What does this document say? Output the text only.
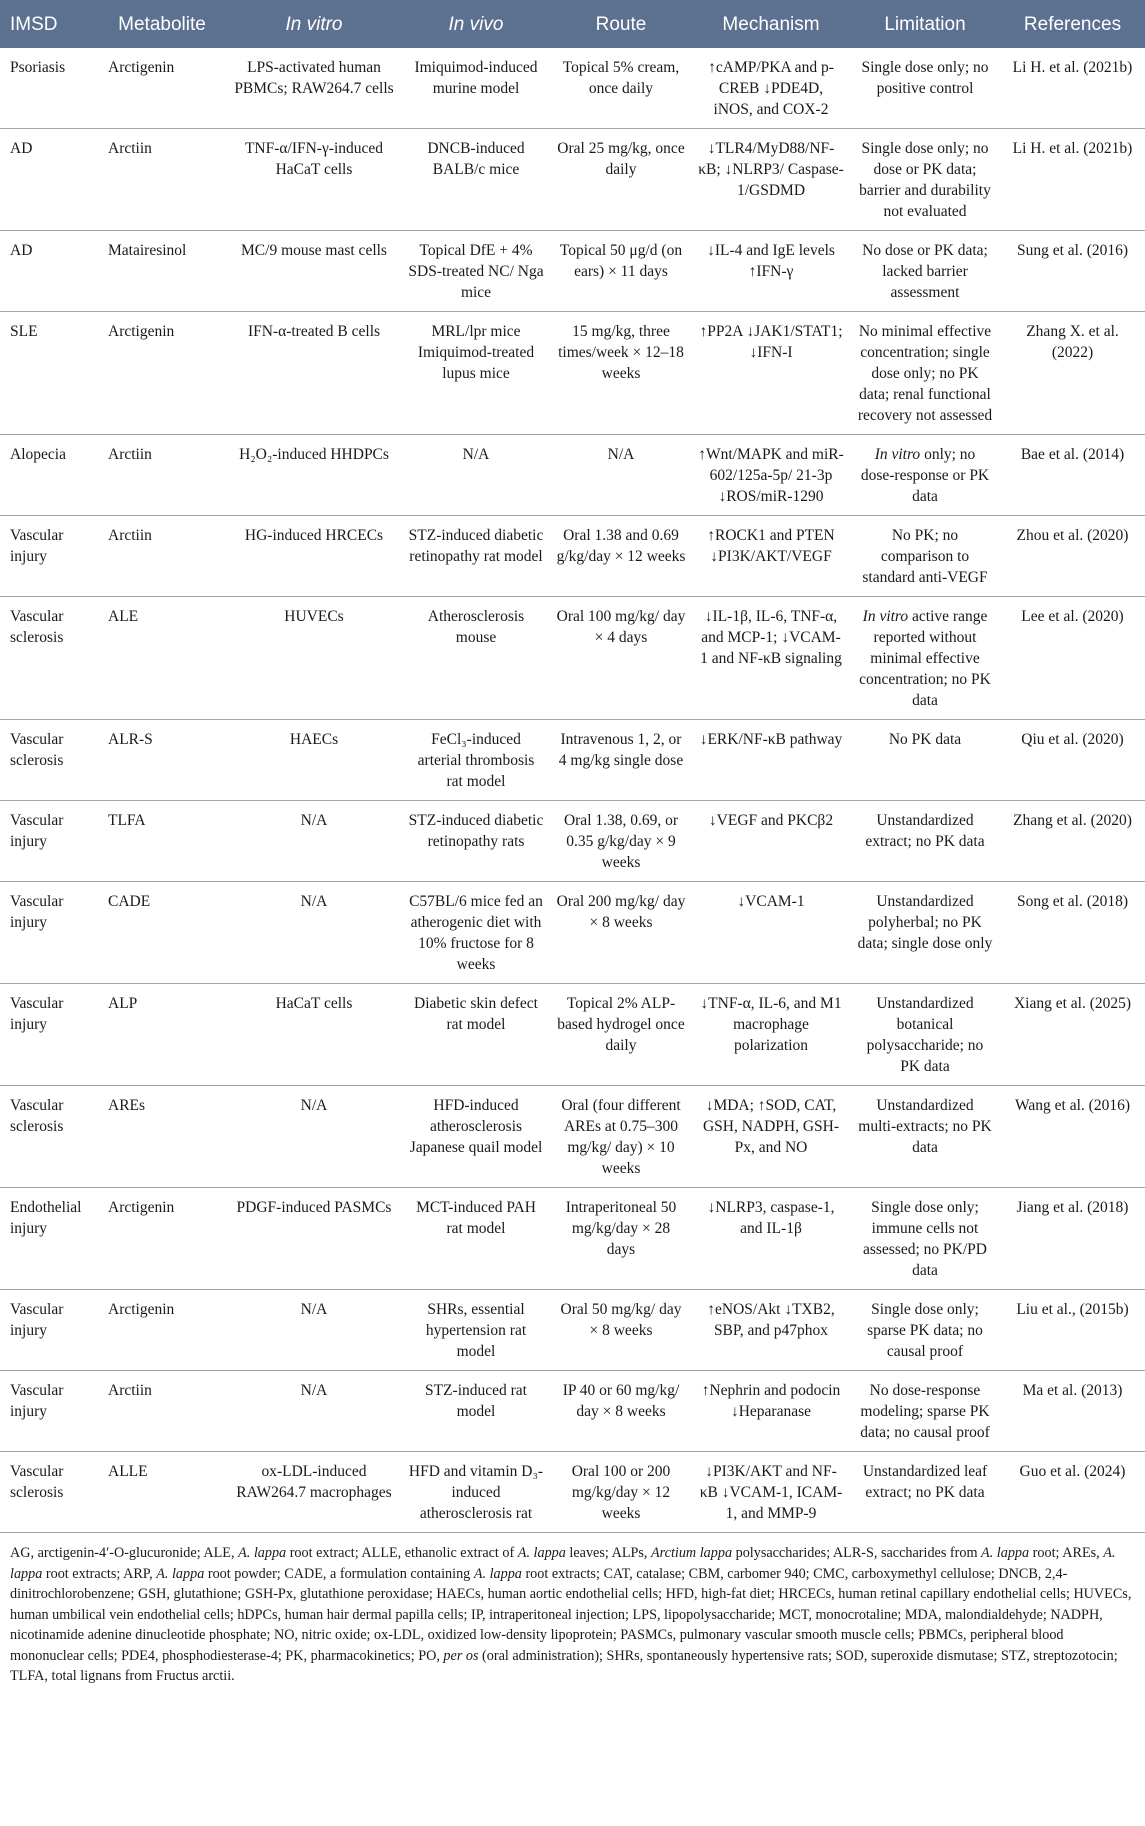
IMSD	Metabolite	In vitro	In vivo	Route	Mechanism	Limitation	References
Psoriasis	Arctigenin	LPS-activated human PBMCs; RAW264.7 cells	Imiquimod-induced murine model	Topical 5% cream, once daily	↑cAMP/PKA and p-CREB ↓PDE4D, iNOS, and COX-2	Single dose only; no positive control	Li H. et al. (2021b)
AD	Arctiin	TNF-α/IFN-γ-induced HaCaT cells	DNCB-induced BALB/c mice	Oral 25 mg/kg, once daily	↓TLR4/MyD88/NF-κB; ↓NLRP3/ Caspase-1/GSDMD	Single dose only; no dose or PK data; barrier and durability not evaluated	Li H. et al. (2021b)
AD	Matairesinol	MC/9 mouse mast cells	Topical DfE + 4% SDS-treated NC/ Nga mice	Topical 50 μg/d (on ears) × 11 days	↓IL-4 and IgE levels ↑IFN-γ	No dose or PK data; lacked barrier assessment	Sung et al. (2016)
SLE	Arctigenin	IFN-α-treated B cells	MRL/lpr mice Imiquimod-treated lupus mice	15 mg/kg, three times/week × 12–18 weeks	↑PP2A ↓JAK1/STAT1; ↓IFN-I	No minimal effective concentration; single dose only; no PK data; renal functional recovery not assessed	Zhang X. et al. (2022)
Alopecia	Arctiin	H₂O₂-induced HHDPCs	N/A	N/A	↑Wnt/MAPK and miR-602/125a-5p/ 21-3p ↓ROS/miR-1290	In vitro only; no dose-response or PK data	Bae et al. (2014)
Vascular injury	Arctiin	HG-induced HRCECs	STZ-induced diabetic retinopathy rat model	Oral 1.38 and 0.69 g/kg/day × 12 weeks	↑ROCK1 and PTEN ↓PI3K/AKT/VEGF	No PK; no comparison to standard anti-VEGF	Zhou et al. (2020)
Vascular sclerosis	ALE	HUVECs	Atherosclerosis mouse	Oral 100 mg/kg/ day × 4 days	↓IL-1β, IL-6, TNF-α, and MCP-1; ↓VCAM-1 and NF-κB signaling	In vitro active range reported without minimal effective concentration; no PK data	Lee et al. (2020)
Vascular sclerosis	ALR-S	HAECs	FeCl₃-induced arterial thrombosis rat model	Intravenous 1, 2, or 4 mg/kg single dose	↓ERK/NF-κB pathway	No PK data	Qiu et al. (2020)
Vascular injury	TLFA	N/A	STZ-induced diabetic retinopathy rats	Oral 1.38, 0.69, or 0.35 g/kg/day × 9 weeks	↓VEGF and PKCβ2	Unstandardized extract; no PK data	Zhang et al. (2020)
Vascular injury	CADE	N/A	C57BL/6 mice fed an atherogenic diet with 10% fructose for 8 weeks	Oral 200 mg/kg/ day × 8 weeks	↓VCAM-1	Unstandardized polyherbal; no PK data; single dose only	Song et al. (2018)
Vascular injury	ALP	HaCaT cells	Diabetic skin defect rat model	Topical 2% ALP-based hydrogel once daily	↓TNF-α, IL-6, and M1 macrophage polarization	Unstandardized botanical polysaccharide; no PK data	Xiang et al. (2025)
Vascular sclerosis	AREs	N/A	HFD-induced atherosclerosis Japanese quail model	Oral (four different AREs at 0.75–300 mg/kg/ day) × 10 weeks	↓MDA; ↑SOD, CAT, GSH, NADPH, GSH-Px, and NO	Unstandardized multi-extracts; no PK data	Wang et al. (2016)
Endothelial injury	Arctigenin	PDGF-induced PASMCs	MCT-induced PAH rat model	Intraperitoneal 50 mg/kg/day × 28 days	↓NLRP3, caspase-1, and IL-1β	Single dose only; immune cells not assessed; no PK/PD data	Jiang et al. (2018)
Vascular injury	Arctigenin	N/A	SHRs, essential hypertension rat model	Oral 50 mg/kg/ day × 8 weeks	↑eNOS/Akt ↓TXB2, SBP, and p47phox	Single dose only; sparse PK data; no causal proof	Liu et al., (2015b)
Vascular injury	Arctiin	N/A	STZ-induced rat model	IP 40 or 60 mg/kg/ day × 8 weeks	↑Nephrin and podocin ↓Heparanase	No dose-response modeling; sparse PK data; no causal proof	Ma et al. (2013)
Vascular sclerosis	ALLE	ox-LDL-induced RAW264.7 macrophages	HFD and vitamin D₃-induced atherosclerosis rat	Oral 100 or 200 mg/kg/day × 12 weeks	↓PI3K/AKT and NF-κB ↓VCAM-1, ICAM-1, and MMP-9	Unstandardized leaf extract; no PK data	Guo et al. (2024)
AG, arctigenin-4′-O-glucuronide; ALE, A. lappa root extract; ALLE, ethanolic extract of A. lappa leaves; ALPs, Arctium lappa polysaccharides; ALR-S, saccharides from A. lappa root; AREs, A. lappa root extracts; ARP, A. lappa root powder; CADE, a formulation containing A. lappa root extracts; CAT, catalase; CBM, carbomer 940; CMC, carboxymethyl cellulose; DNCB, 2,4-dinitrochlorobenzene; GSH, glutathione; GSH-Px, glutathione peroxidase; HAECs, human aortic endothelial cells; HFD, high-fat diet; HRCECs, human retinal capillary endothelial cells; HUVECs, human umbilical vein endothelial cells; hDPCs, human hair dermal papilla cells; IP, intraperitoneal injection; LPS, lipopolysaccharide; MCT, monocrotaline; MDA, malondialdehyde; NADPH, nicotinamide adenine dinucleotide phosphate; NO, nitric oxide; ox-LDL, oxidized low-density lipoprotein; PASMCs, pulmonary vascular smooth muscle cells; PBMCs, peripheral blood mononuclear cells; PDE4, phosphodiesterase-4; PK, pharmacokinetics; PO, per os (oral administration); SHRs, spontaneously hypertensive rats; SOD, superoxide dismutase; STZ, streptozotocin; TLFA, total lignans from Fructus arctii.
